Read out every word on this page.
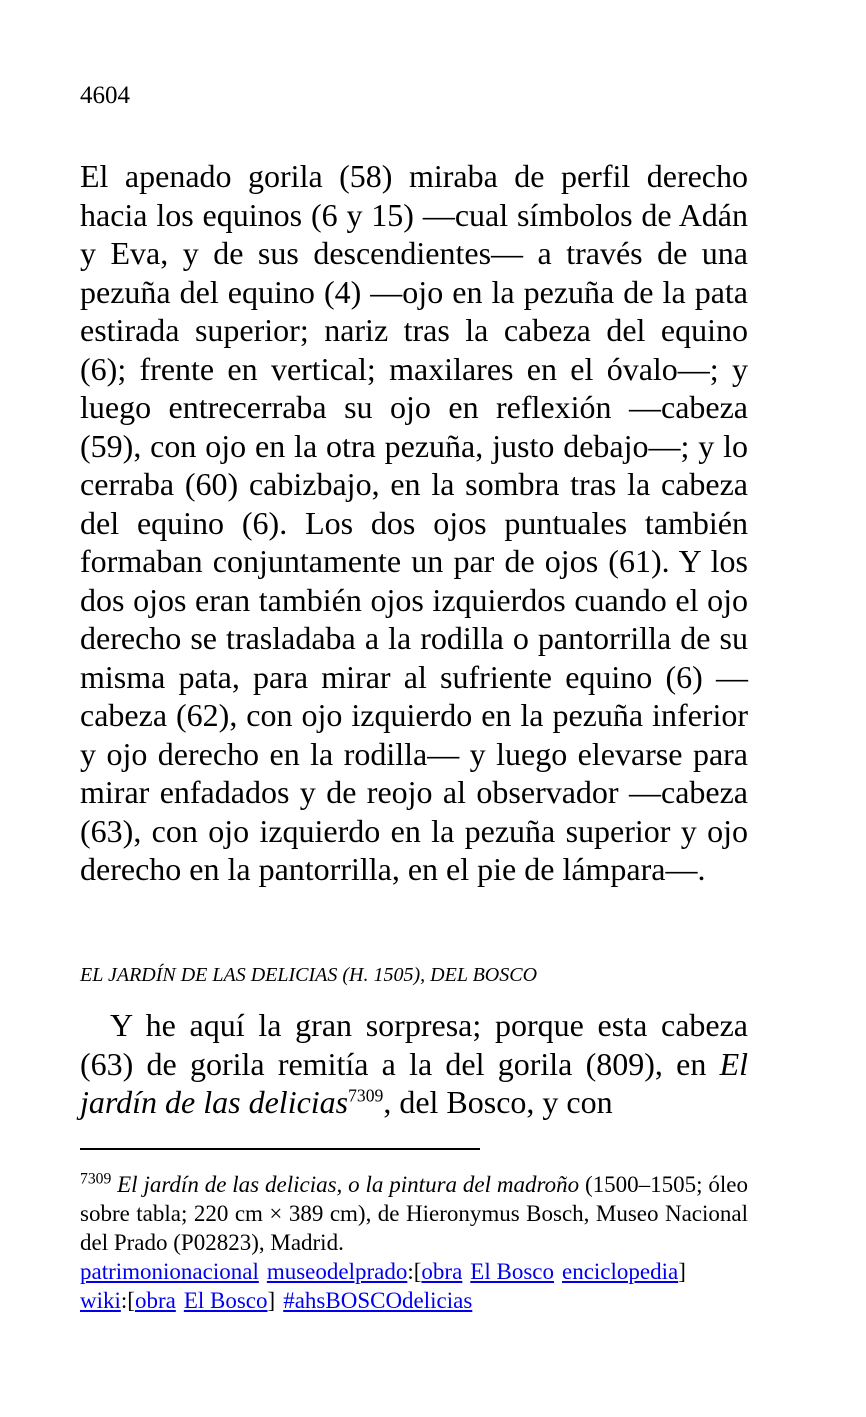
4604

El apenado gorila (58) miraba de perfil derecho hacia los equinos (6 y 15) —cual símbolos de Adán y Eva, y de sus descendientes— a través de una pezuña del equino (4) —ojo en la pezuña de la pata estirada superior; nariz tras la cabeza del equino (6); frente en vertical; maxilares en el óvalo—; y luego entrecerraba su ojo en reflexión —cabeza (59), con ojo en la otra pezuña, justo debajo—; y lo cerraba (60) cabizbajo, en la sombra tras la cabeza del equino (6). Los dos ojos puntuales también formaban conjuntamente un par de ojos (61). Y los dos ojos eran también ojos izquierdos cuando el ojo derecho se trasladaba a la rodilla o pantorrilla de su misma pata, para mirar al sufriente equino (6) —cabeza (62), con ojo izquierdo en la pezuña inferior y ojo derecho en la rodilla— y luego elevarse para mirar enfadados y de reojo al observador —cabeza (63), con ojo izquierdo en la pezuña superior y ojo derecho en la pantorrilla, en el pie de lámpara—.

EL JARDÍN DE LAS DELICIAS (H. 1505), DEL BOSCO

Y he aquí la gran sorpresa; porque esta cabeza (63) de gorila remitía a la del gorila (809), en El jardín de las delicias$^{7309}$, del Bosco, y con

$^{7309}$ El jardín de las delicias, o la pintura del madroño (1500–1505; óleo sobre tabla; 220 cm × 389 cm), de Hieronymus Bosch, Museo Nacional del Prado (P02823), Madrid.

patrimonionacional museodelprado:[obra El Bosco enciclopedia]
wiki:[obra El Bosco] #ahsBOSCOdelicias
